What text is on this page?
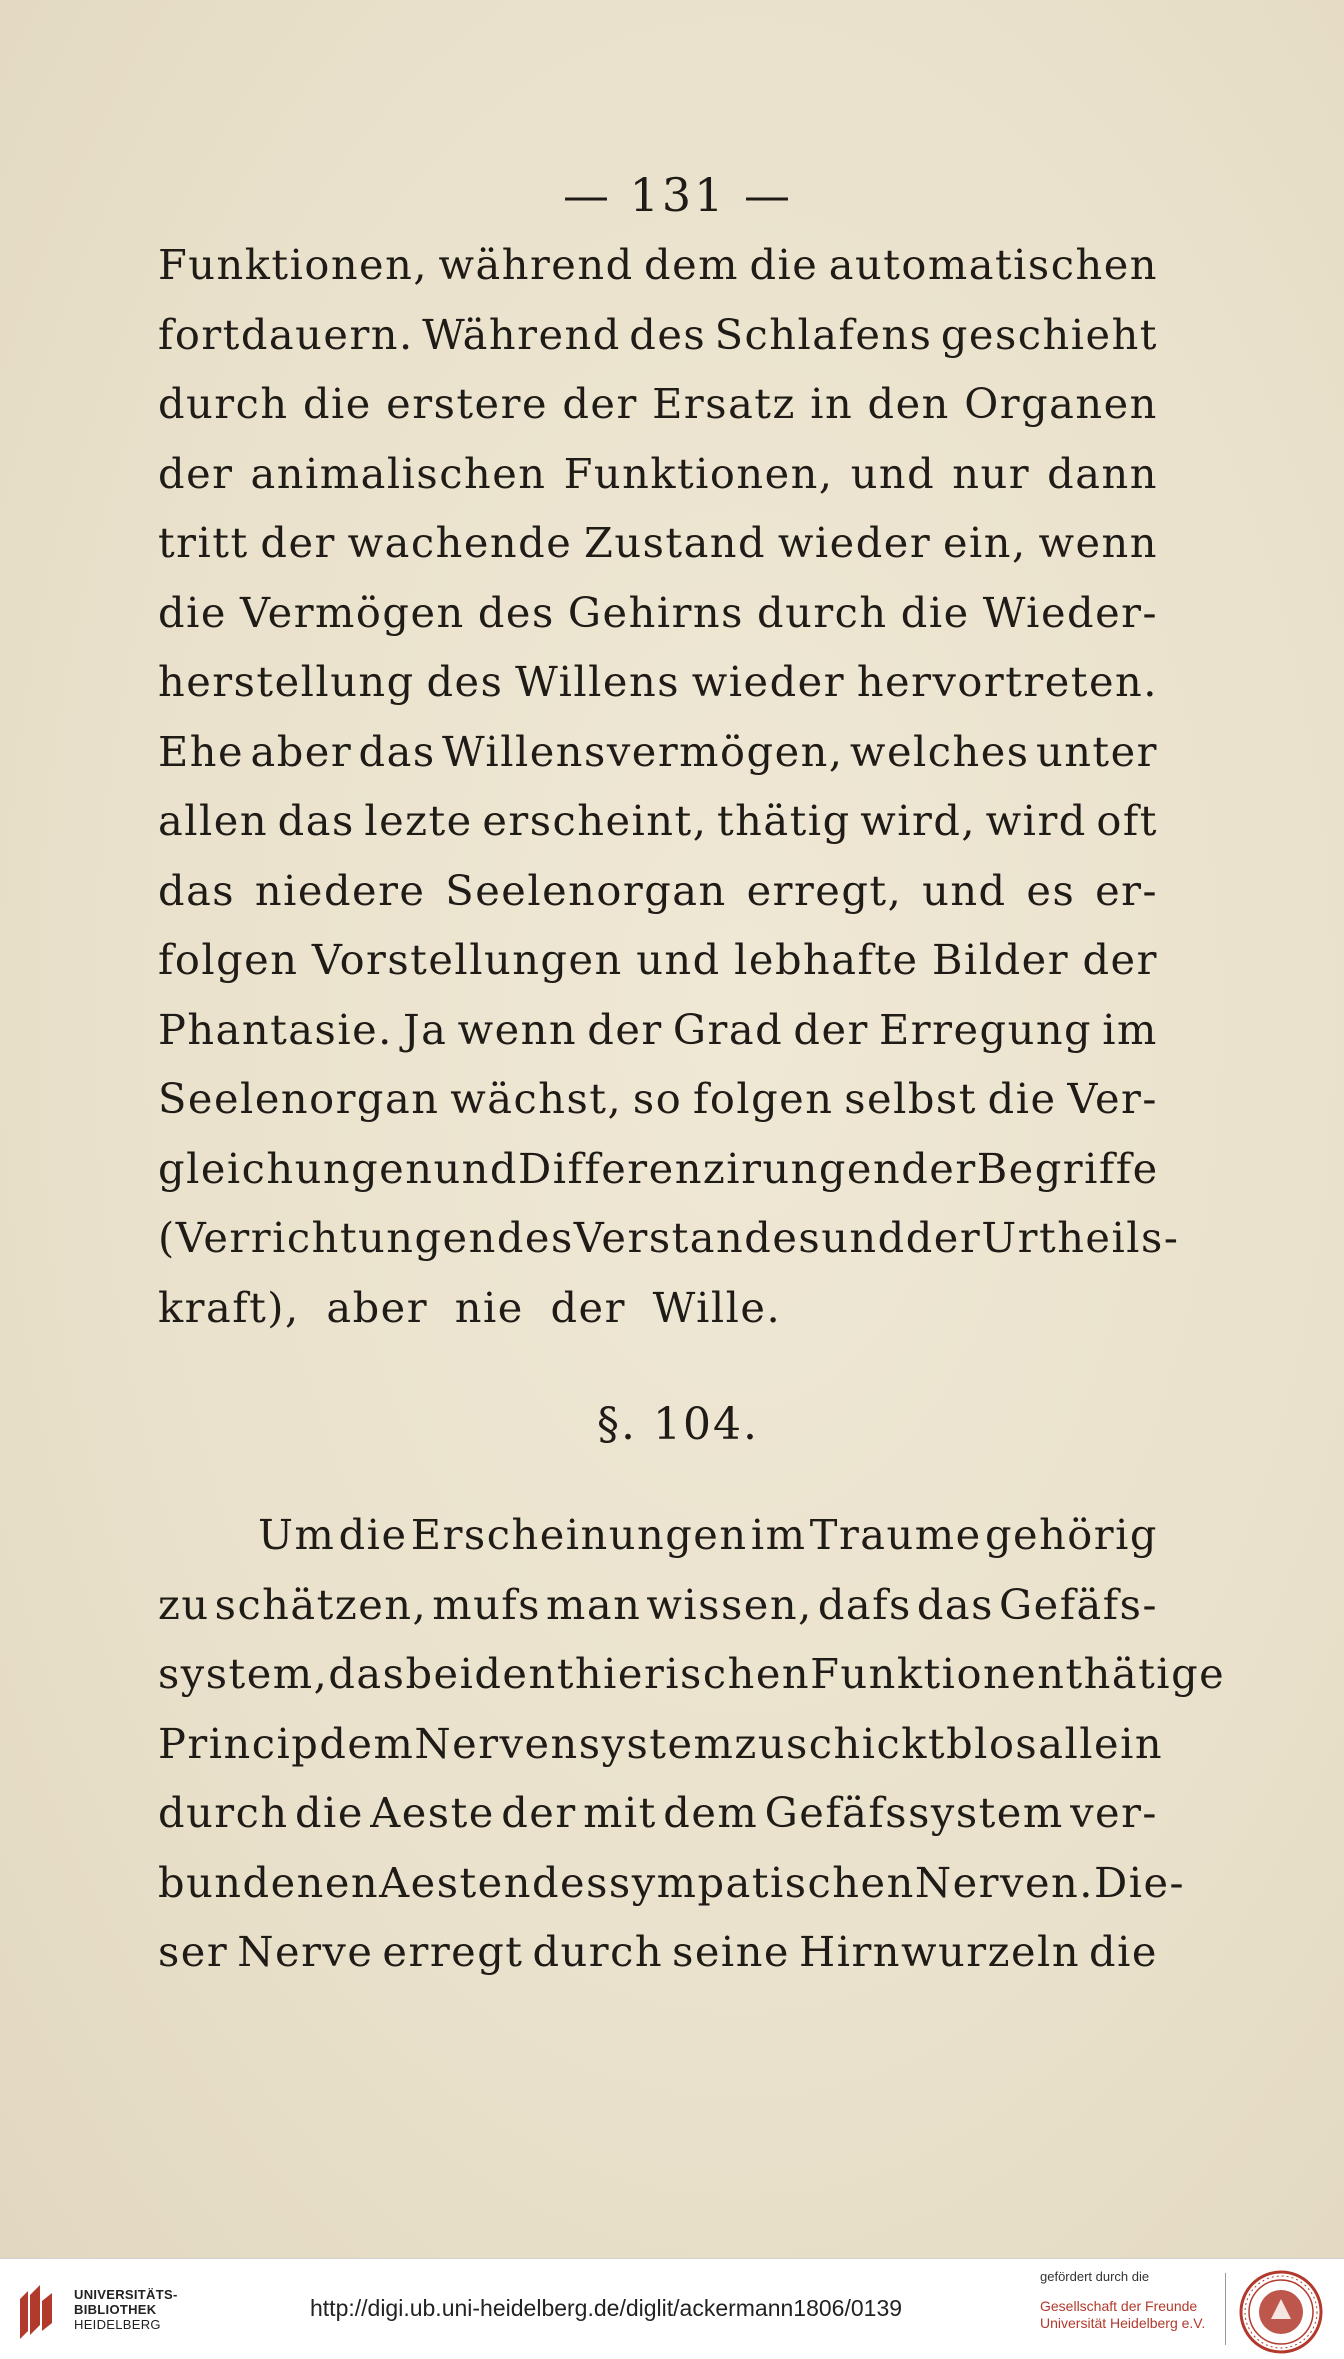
— 131 —
Funktionen, während dem die automatischen
fortdauern. Während des Schlafens geschieht
durch die erstere der Ersatz in den Organen
der animalischen Funktionen, und nur dann
tritt der wachende Zustand wieder ein, wenn
die Vermögen des Gehirns durch die Wieder-
herstellung des Willens wieder hervortreten.
Ehe aber das Willensvermögen, welches unter
allen das lezte erscheint, thätig wird, wird oft
das niedere Seelenorgan erregt, und es er-
folgen Vorstellungen und lebhafte Bilder der
Phantasie. Ja wenn der Grad der Erregung im
Seelenorgan wächst, so folgen selbst die Ver-
gleichungen und Differenzirungen der Begriffe
(Verrichtungen des Verstandes und der Urtheils-
kraft), aber nie der Wille.
§. 104.
Um die Erscheinungen im Traume gehörig
zu schätzen, mufs man wissen, dafs das Gefäfs-
system, das bei den thierischen Funktionen thätige
Princip dem Nervensystem zuschickt blos allein
durch die Aeste der mit dem Gefäfssystem ver-
bundenen Aesten des sympatischen Nerven. Die-
ser Nerve erregt durch seine Hirnwurzeln die
UNIVERSITÄTS-
BIBLIOTHEK
HEIDELBERG
http://digi.ub.uni-heidelberg.de/diglit/ackermann1806/0139
gefördert durch die
Gesellschaft der Freunde
Universität Heidelberg e.V.
